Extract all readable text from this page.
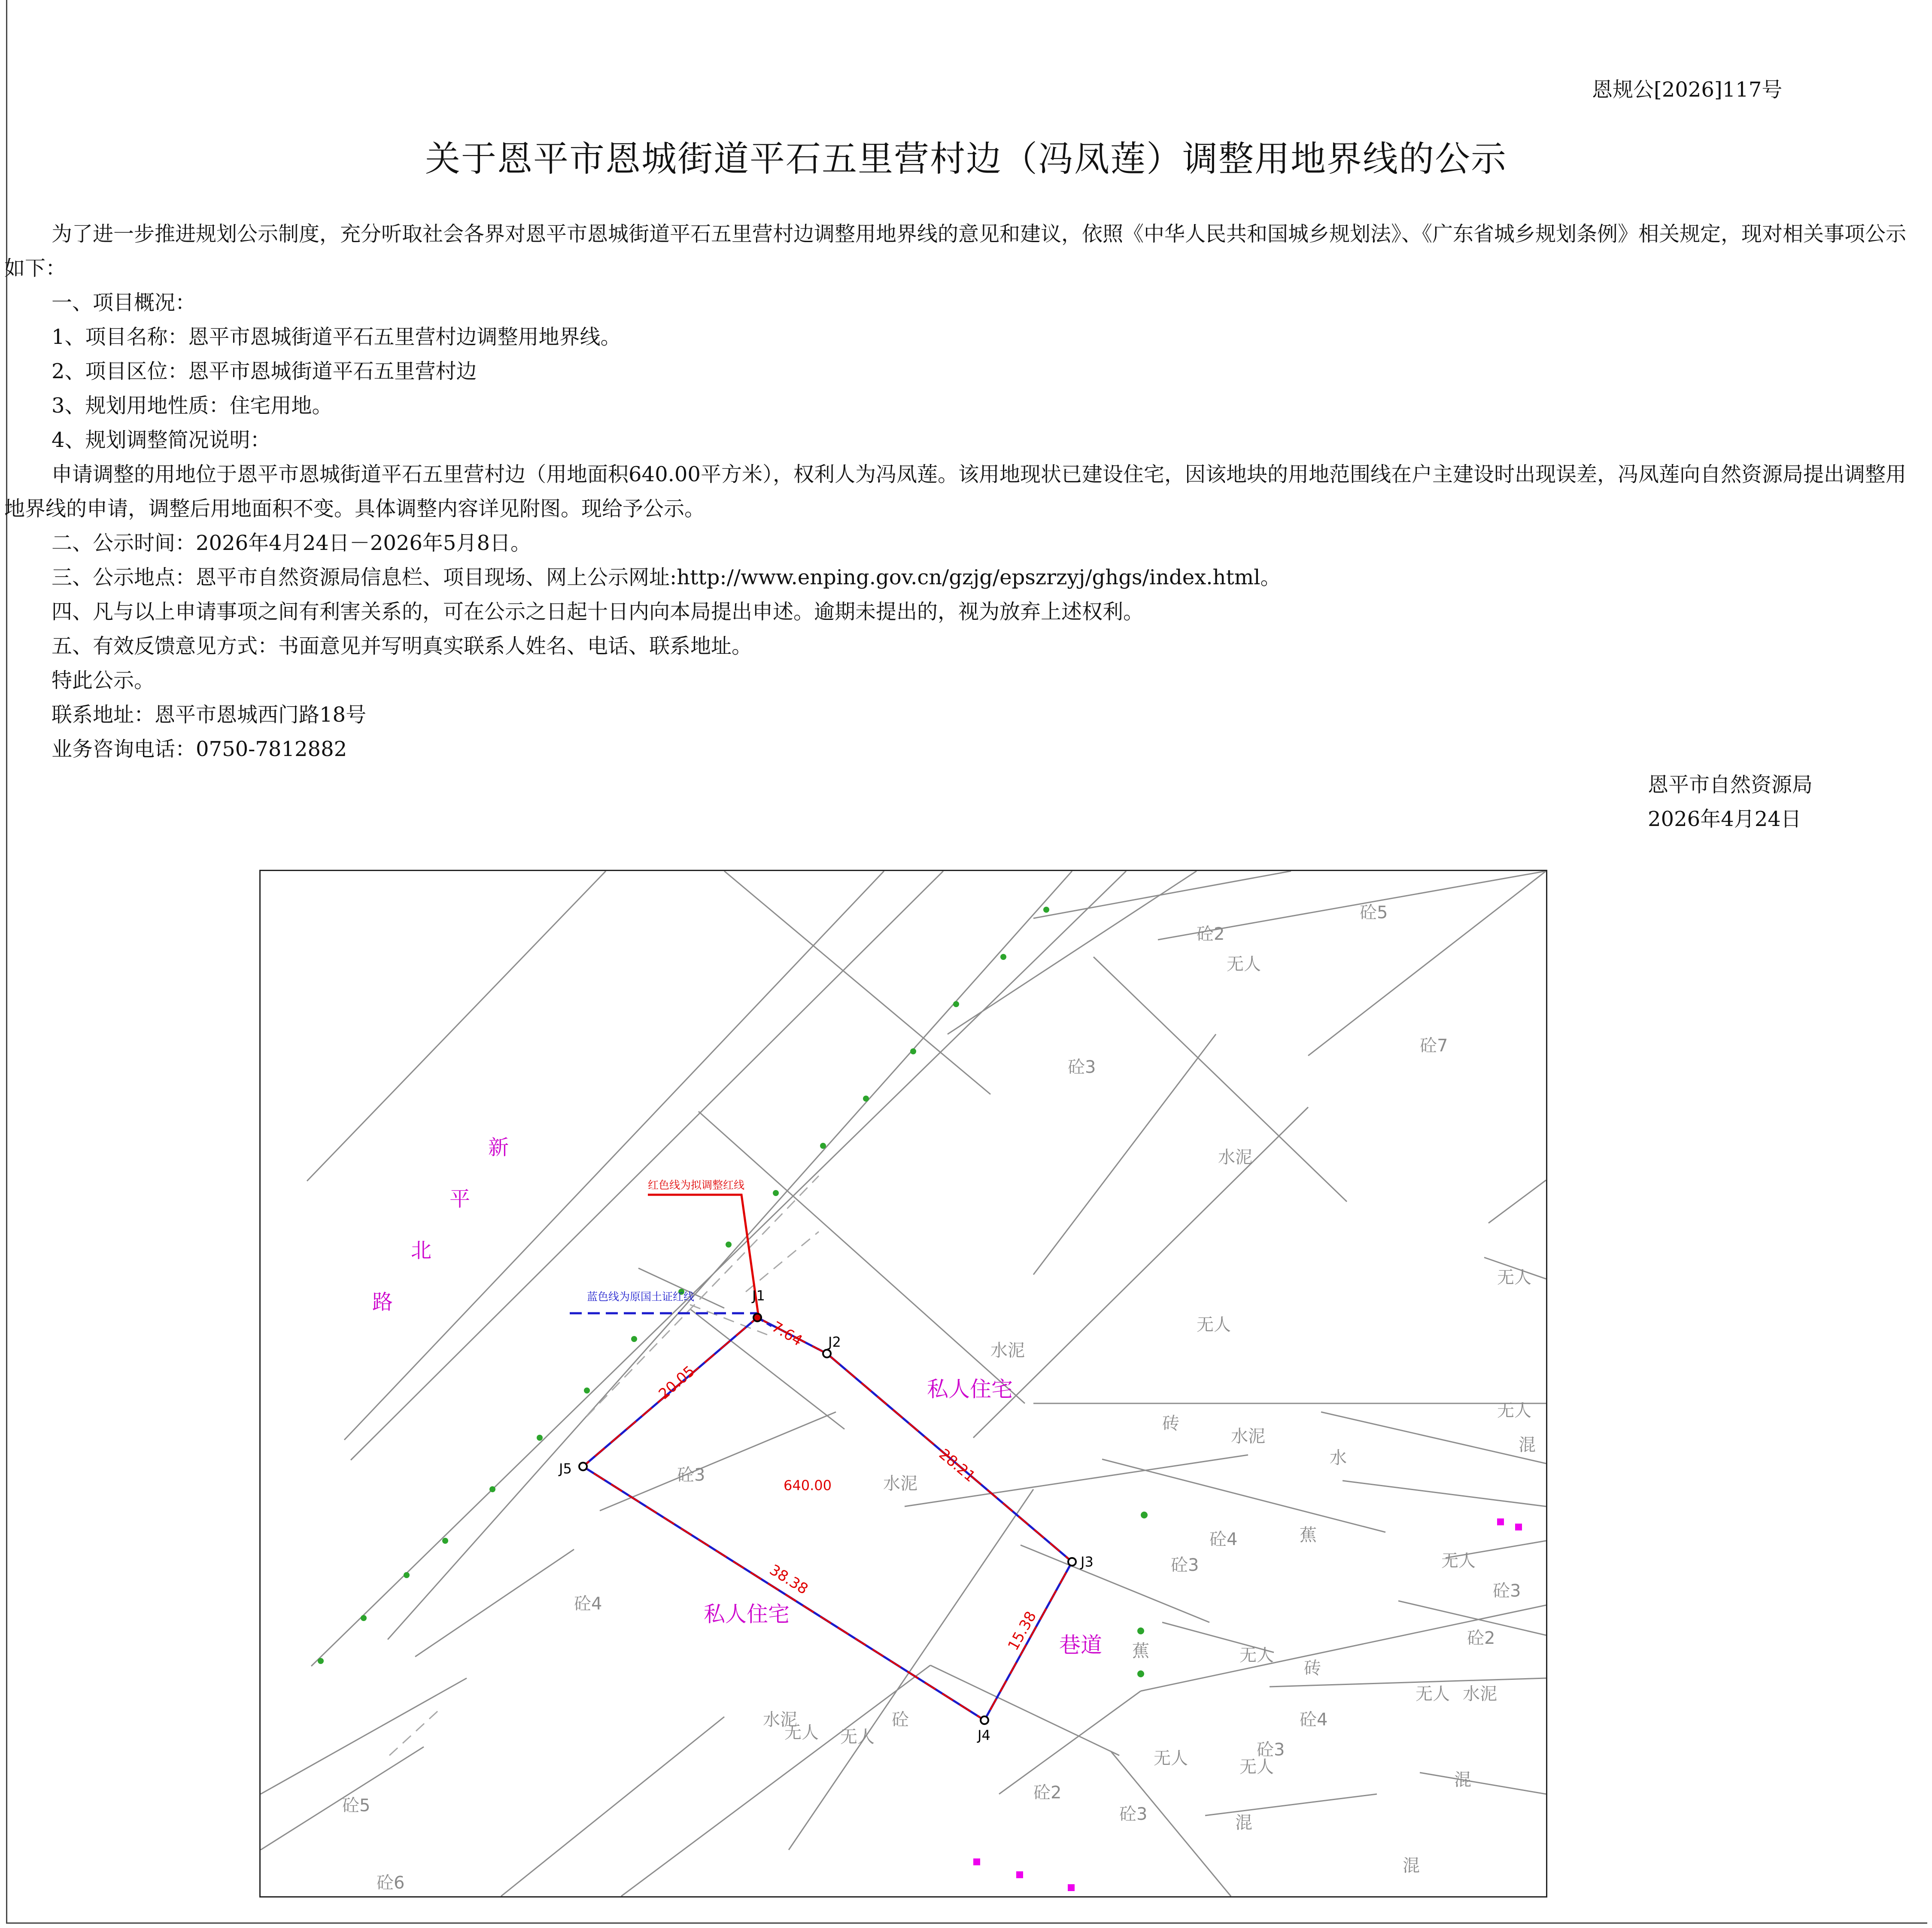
恩规公[2026]117号
关于恩平市恩城街道平石五里营村边（冯凤莲）调整用地界线的公示

为了进一步推进规划公示制度，充分听取社会各界对恩平市恩城街道平石五里营村边调整用地界线的意见和建议，依照《中华人民共和国城乡规划法》、《广东省城乡规划条例》相关规定，现对相关事项公示如下：

一、项目概况：

1、项目名称：恩平市恩城街道平石五里营村边调整用地界线。

2、项目区位：恩平市恩城街道平石五里营村边

3、规划用地性质：住宅用地。

4、规划调整简况说明：

申请调整的用地位于恩平市恩城街道平石五里营村边（用地面积640.00平方米），权利人为冯凤莲。该用地现状已建设住宅，因该地块的用地范围线在户主建设时出现误差，冯凤莲向自然资源局提出调整用地界线的申请，调整后用地面积不变。具体调整内容详见附图。现给予公示。

二、公示时间：2026年4月24日－2026年5月8日。

三、公示地点：恩平市自然资源局信息栏、项目现场、网上公示网址:http://www.enping.gov.cn/gzjg/epszrzyj/ghgs/index.html。

四、凡与以上申请事项之间有利害关系的，可在公示之日起十日内向本局提出申述。逾期未提出的，视为放弃上述权利。

五、有效反馈意见方式：书面意见并写明真实联系人姓名、电话、联系地址。

特此公示。

联系地址：恩平市恩城西门路18号

业务咨询电话：0750-7812882

恩平市自然资源局
2026年4月24日
红色线为拟调整红线
蓝色线为原国土证红线	J1
J2
J3
J4
J5
7.64
28.21
15.38
38.38
20.05
640.00
新
平
北
路
私人住宅
私人住宅
巷道
砼2
砼5
无人
砼3
砼7
水泥
无人
水泥
无人
砼3	水泥
砖
水泥
水
混
无人
砼4
砼3
蕉
无人
砼3
砼2
砼4
无人
砖
蕉
无人 水泥
砼4
砼3
无人
水泥
无人
砼
砼2
砼3	混
混
混
砼5
砼6
无人
无人
